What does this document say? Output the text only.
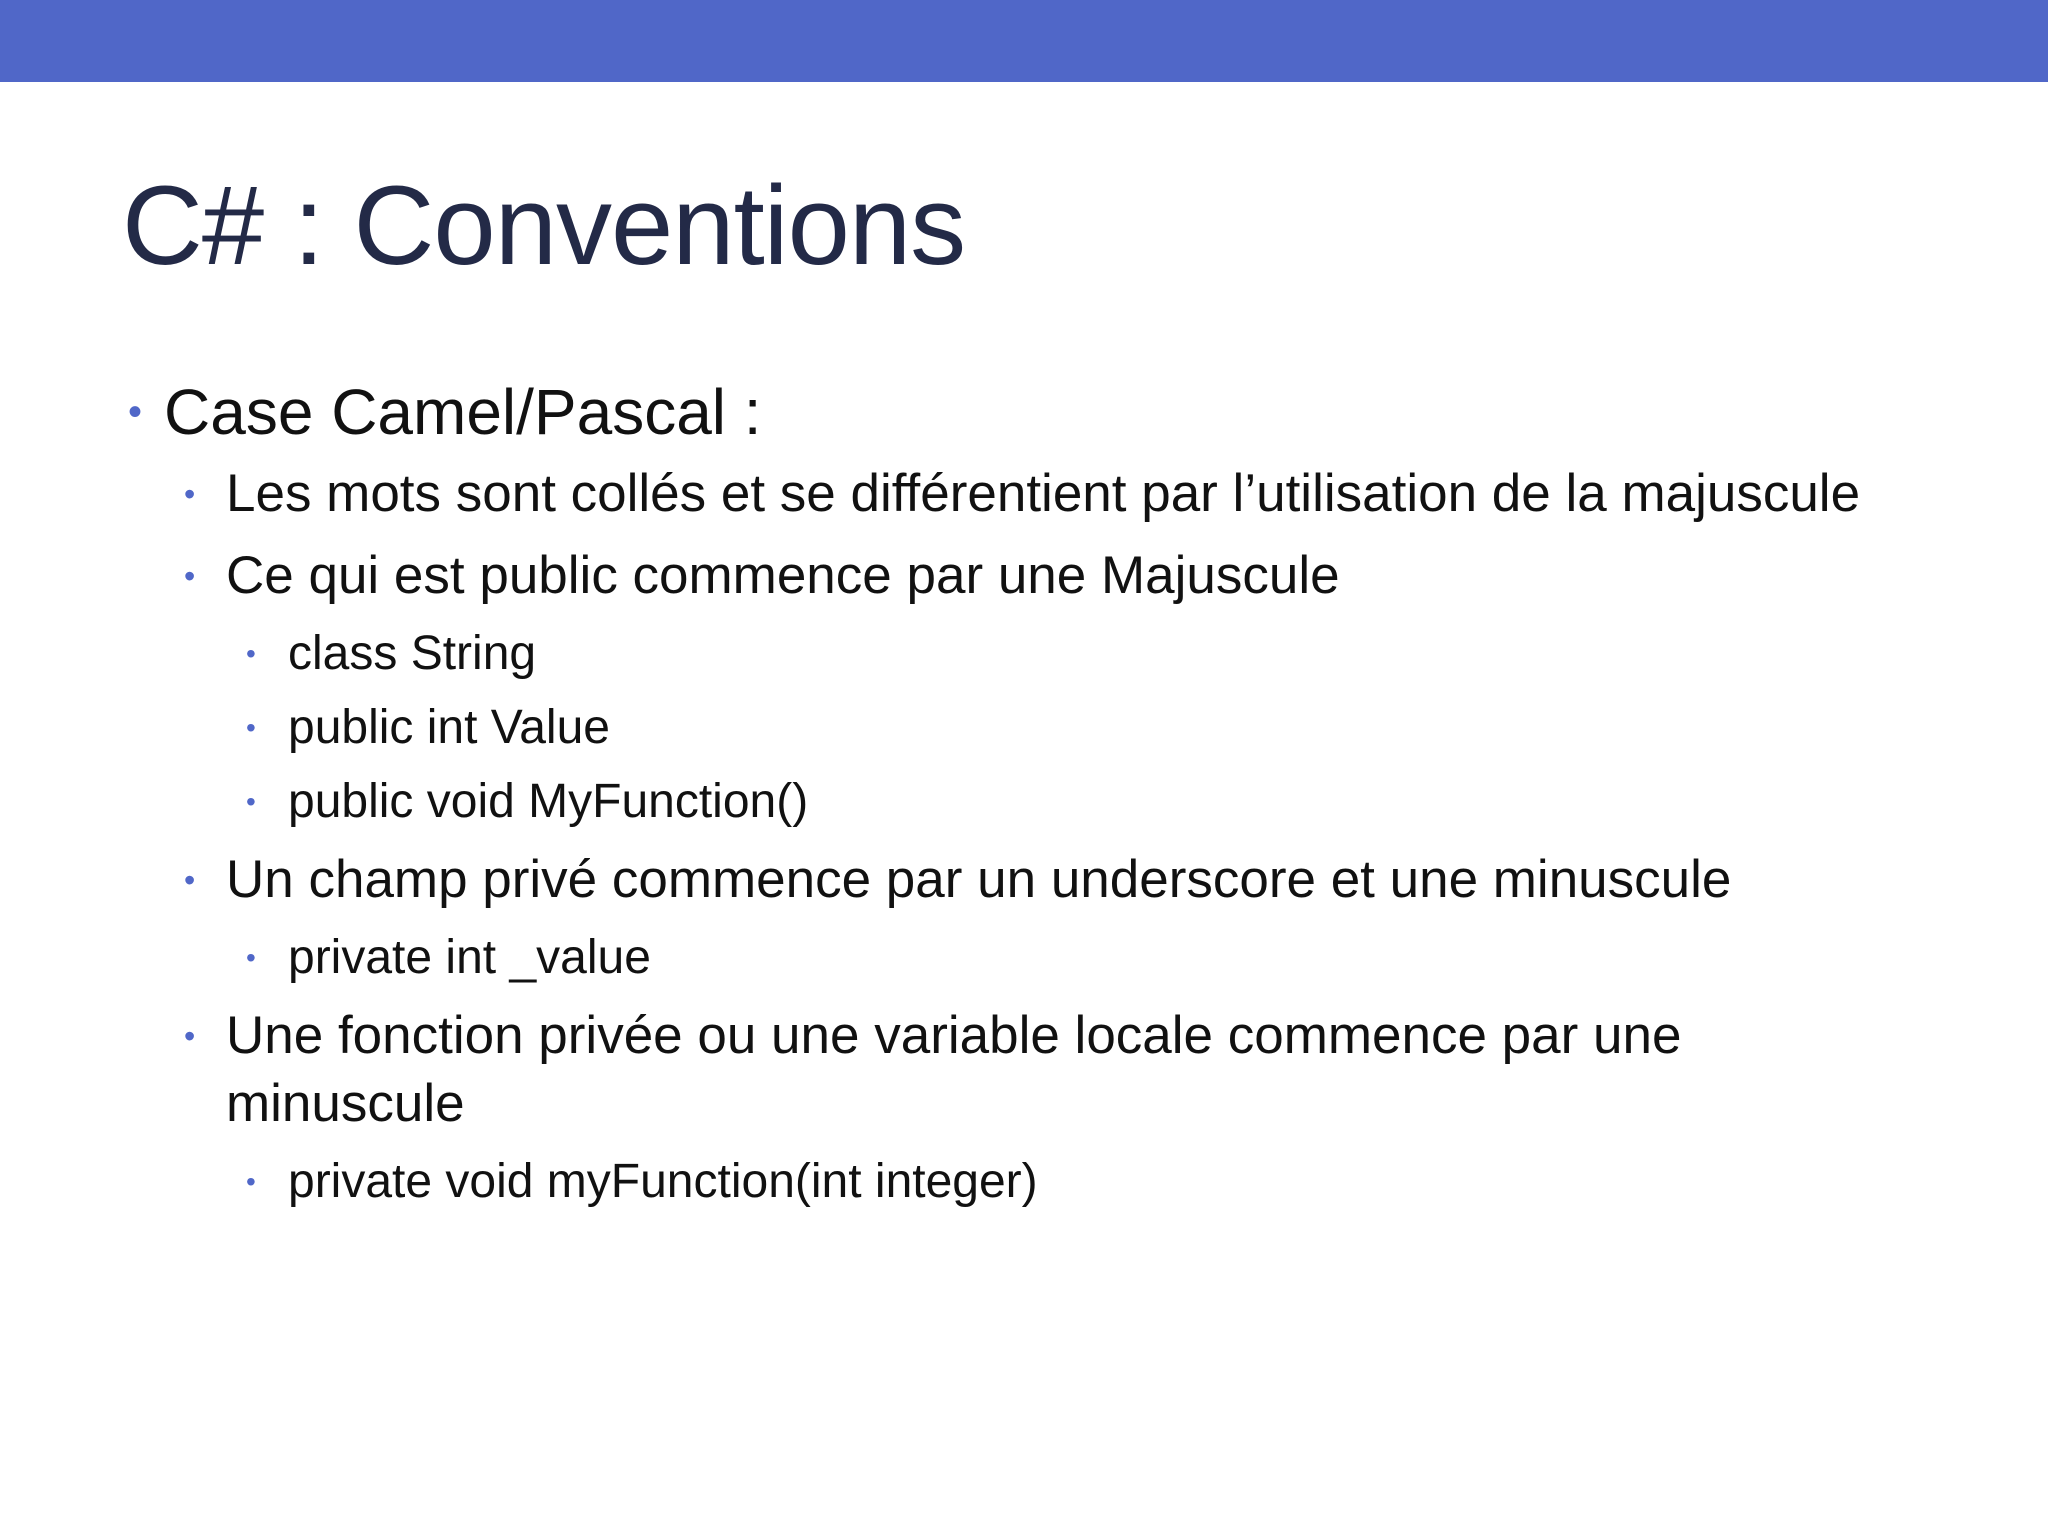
C# : Conventions
• Case Camel/Pascal :
• Les mots sont collés et se différentient par l’utilisation de la majuscule
• Ce qui est public commence par une Majuscule
• class String
• public int Value
• public void MyFunction()
• Un champ privé commence par un underscore et une minuscule
• private int _value
• Une fonction privée ou une variable locale commence par une minuscule
• private void myFunction(int integer)
